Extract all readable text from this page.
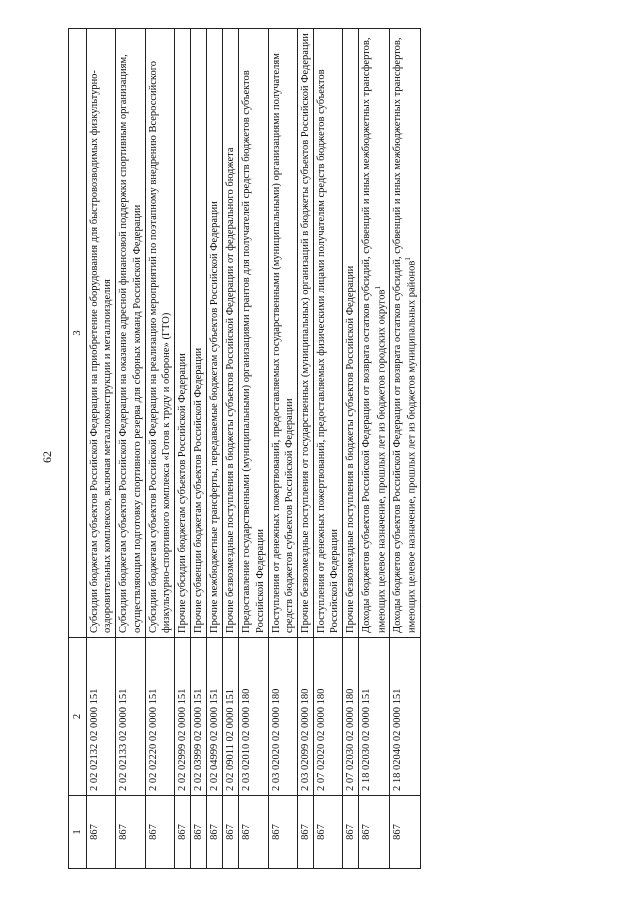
62
1	2	3
867	2 02 02132 02 0000 151	Субсидии бюджетам субъектов Российской Федерации на приобретение оборудования для быстровозводимых физкультурно-оздоровительных комплексов, включая металлоконструкции и металлоизделия
867	2 02 02133 02 0000 151	Субсидии бюджетам субъектов Российской Федерации на оказание адресной финансовой поддержки спортивным организациям, осуществляющим подготовку спортивного резерва для сборных команд Российской Федерации
867	2 02 02220 02 0000 151	Субсидии бюджетам субъектов Российской Федерации на реализацию мероприятий по поэтапному внедрению Всероссийского физкультурно-спортивного комплекса «Готов к труду и обороне» (ГТО)
867	2 02 02999 02 0000 151	Прочие субсидии бюджетам субъектов Российской Федерации
867	2 02 03999 02 0000 151	Прочие субвенции бюджетам субъектов Российской Федерации
867	2 02 04999 02 0000 151	Прочие межбюджетные трансферты, передаваемые бюджетам субъектов Российской Федерации
867	2 02 09011 02 0000 151	Прочие безвозмездные поступления в бюджеты субъектов Российской Федерации от федерального бюджета
867	2 03 02010 02 0000 180	Предоставление государственными (муниципальными) организациями грантов для получателей средств бюджетов субъектов Российской Федерации
867	2 03 02020 02 0000 180	Поступления от денежных пожертвований, предоставляемых государственными (муниципальными) организациями получателям средств бюджетов субъектов Российской Федерации
867	2 03 02099 02 0000 180	Прочие безвозмездные поступления от государственных (муниципальных) организаций в бюджеты субъектов Российской Федерации
867	2 07 02020 02 0000 180	Поступления от денежных пожертвований, предоставляемых физическими лицами получателям средств бюджетов субъектов Российской Федерации
867	2 07 02030 02 0000 180	Прочие безвозмездные поступления в бюджеты субъектов Российской Федерации
867	2 18 02030 02 0000 151	Доходы бюджетов субъектов Российской Федерации от возврата остатков субсидий, субвенций и иных межбюджетных трансфертов, имеющих целевое назначение, прошлых лет из бюджетов городских округов$^1$
867	2 18 02040 02 0000 151	Доходы бюджетов субъектов Российской Федерации от возврата остатков субсидий, субвенций и иных межбюджетных трансфертов, имеющих целевое назначение, прошлых лет из бюджетов муниципальных районов$^1$
